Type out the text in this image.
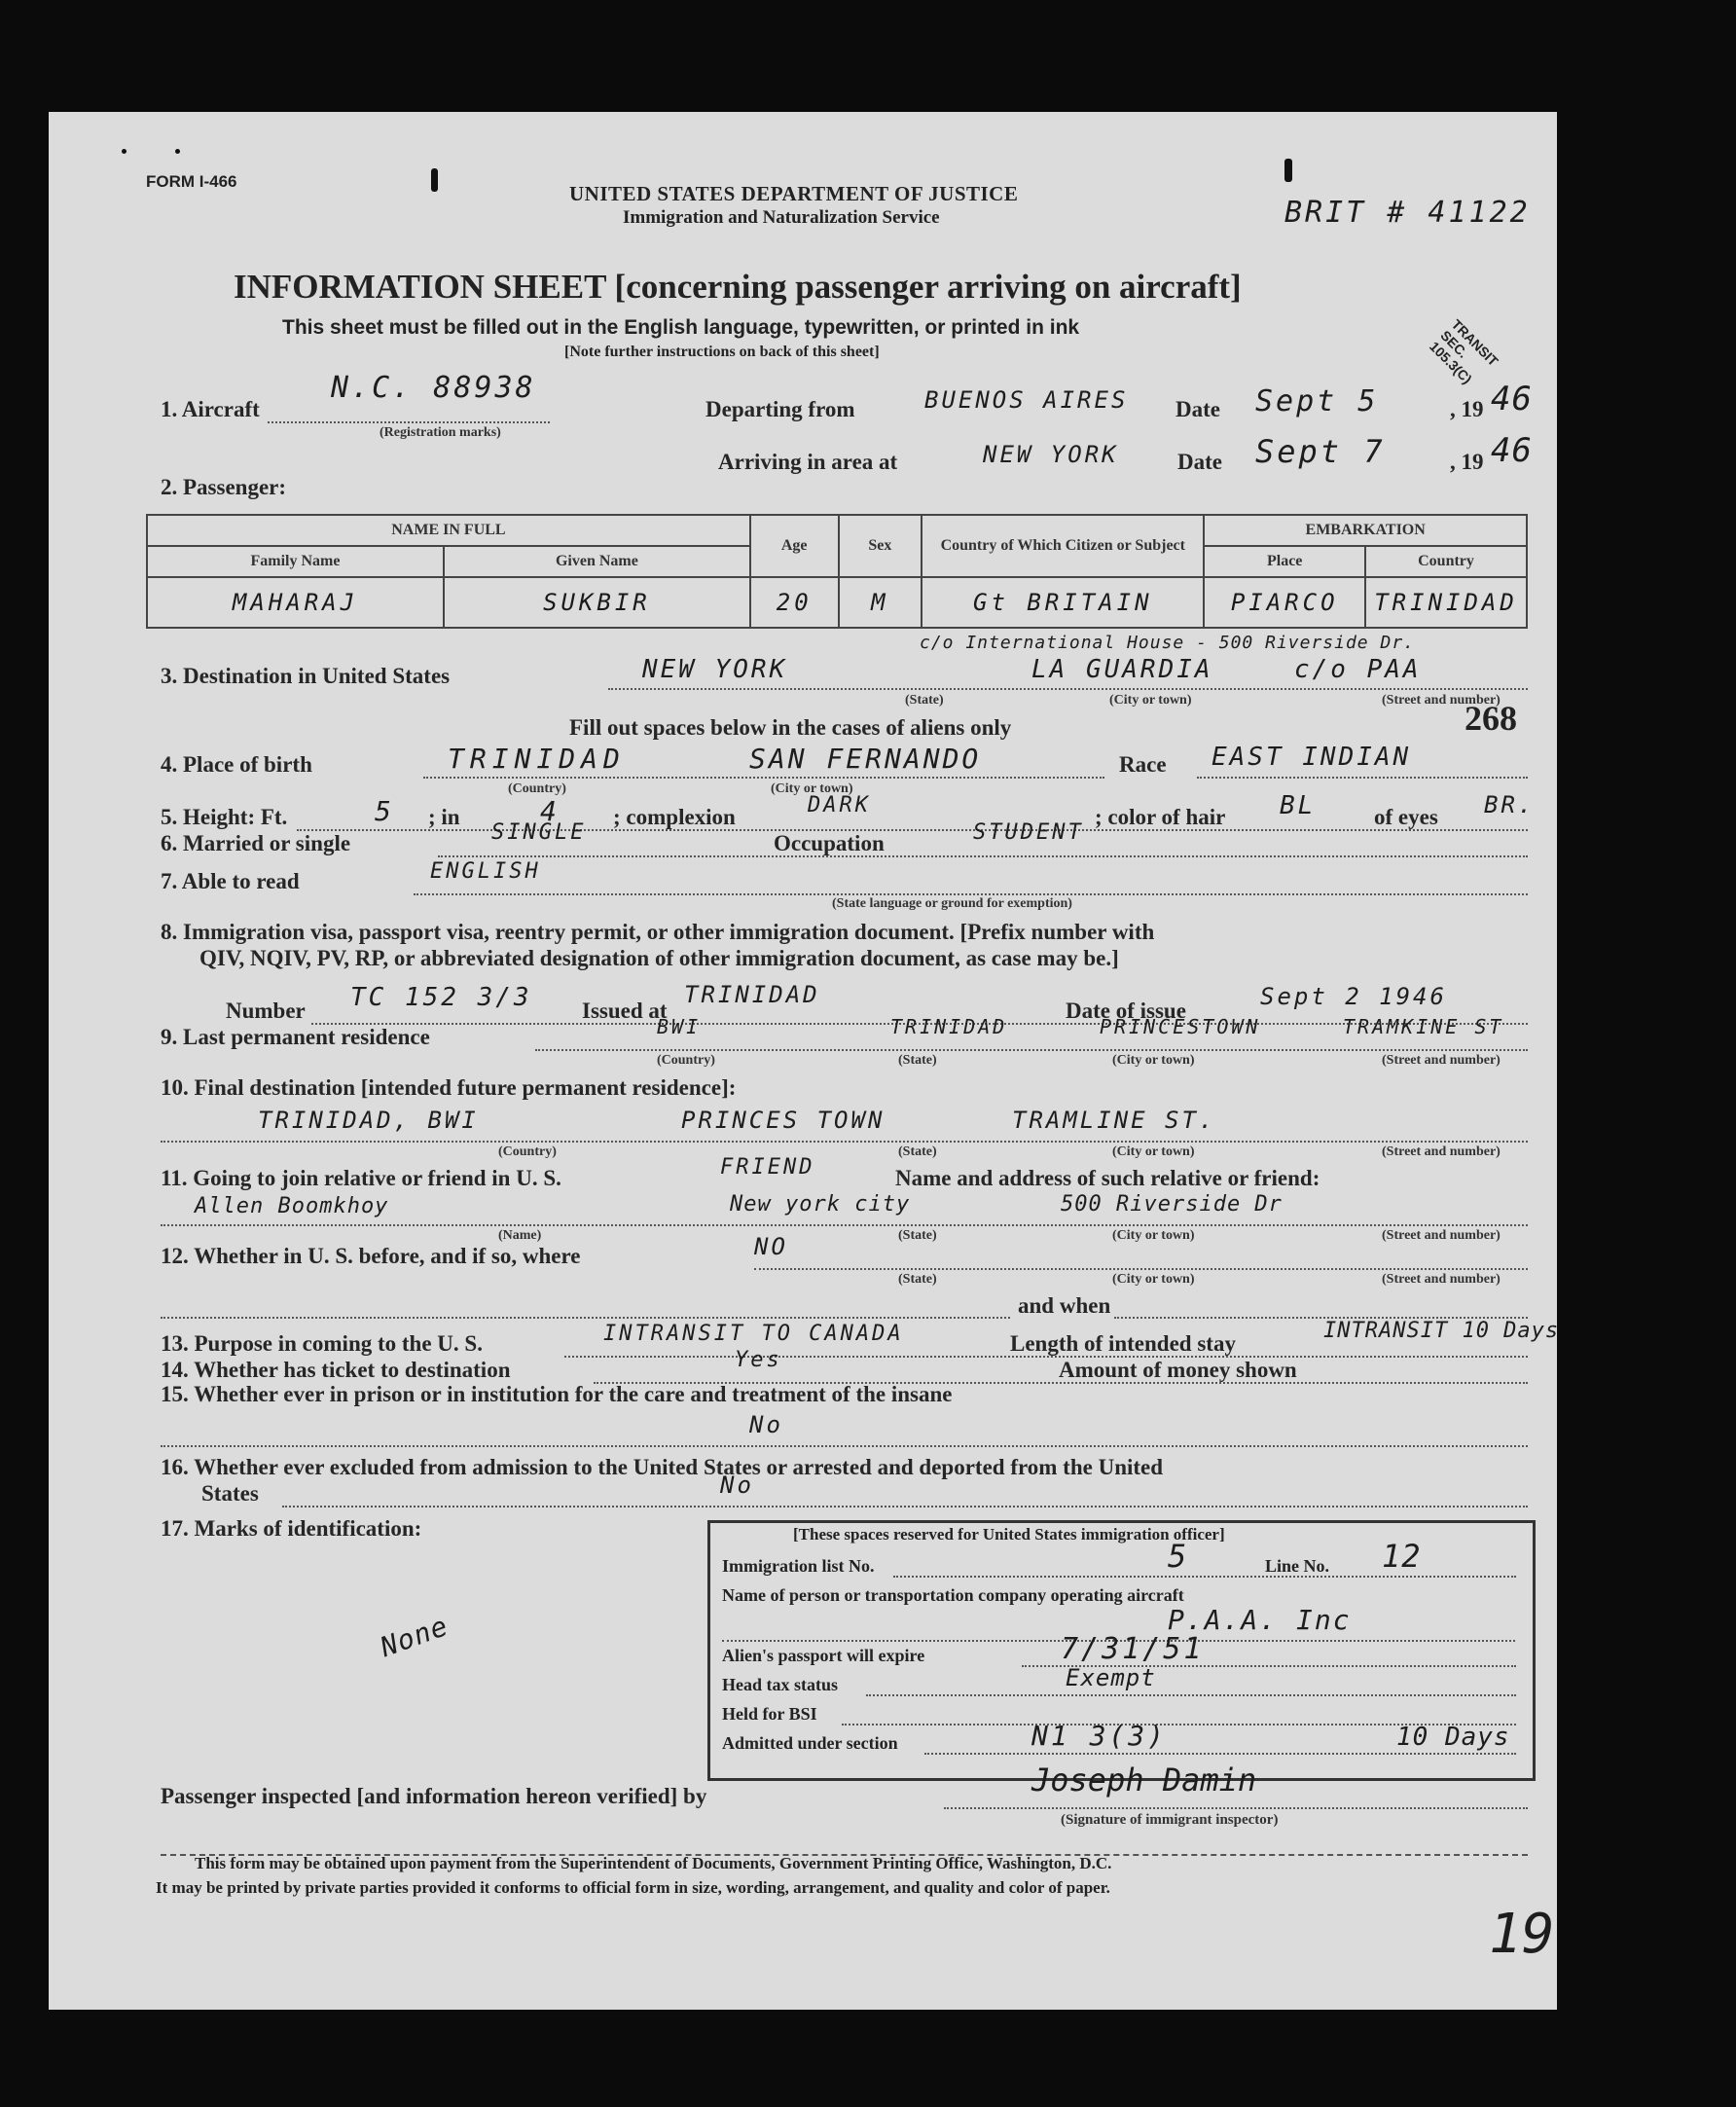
FORM I-466
UNITED STATES DEPARTMENT OF JUSTICE
Immigration and Naturalization Service	BRIT # 41122
TRANSIT SEC. 105.3(C)
INFORMATION SHEET [concerning passenger arriving on aircraft]
This sheet must be filled out in the English language, typewritten, or printed in ink
[Note further instructions on back of this sheet]
1. Aircraft
N.C. 88938
(Registration marks)
Departing from	BUENOS AIRES Date Sept 5	, 19 46
Arriving in area at	NEW YORK	Date Sept 7	, 19 46
2. Passenger:
NAME IN FULL		Age	Sex	Country of Which Citizen or Subject	EMBARKATION	
Family Name	Given Name				Place	Country
MAHARAJ	SUKBIR	20	M	Gt BRITAIN	PIARCO	TRINIDAD
c/o International House - 500 Riverside Dr.
3. Destination in United States	NEW YORK	LA GUARDIA	c/o PAA
(State)	(City or town)	(Street and number)
Fill out spaces below in the cases of aliens only	268
4. Place of birth	TRINIDAD	SAN FERNANDO
(Country)	(City or town)
Race EAST INDIAN
5. Height: Ft.	5 ; in	4 ; complexion	DARK	; color of hair BL	of eyes BR.
6. Married or single	SINGLE	Occupation	STUDENT
7. Able to read	ENGLISH
(State language or ground for exemption)
8. Immigration visa, passport visa, reentry permit, or other immigration document. [Prefix number with
QIV, NQIV, PV, RP, or abbreviated designation of other immigration document, as case may be.]
Number TC 152 3/3 Issued at
TRINIDAD
Date of issue
Sept 2 1946
9. Last permanent residence	BWI	TRINIDAD	PRINCESTOWN	TRAMKINE ST
(Country)	(State)	(City or town)	(Street and number)
10. Final destination [intended future permanent residence]:
TRINIDAD, BWI	PRINCES TOWN	TRAMLINE ST.
(Country)	(State)	(City or town)	(Street and number)
11. Going to join relative or friend in U. S.	FRIEND	Name and address of such relative or friend:
Allen Boomkhoy	New york city	500 Riverside Dr
(Name)	(State)	(City or town)	(Street and number)
12. Whether in U. S. before, and if so, where	NO
(State)	(City or town)	(Street and number)
and when
13. Purpose in coming to the U. S.	INTRANSIT TO CANADA	Length of intended stay
INTRANSIT 10 Days
14. Whether has ticket to destination	Yes	Amount of money shown
15. Whether ever in prison or in institution for the care and treatment of the insane
No
16. Whether ever excluded from admission to the United States or arrested and deported from the United
States	No
17. Marks of identification:
None
[These spaces reserved for United States immigration officer]
Immigration list No.	5	Line No. 12
Name of person or transportation company operating aircraft
P.A.A. Inc
Alien's passport will expire	7/31/51
Head tax status	Exempt
Held for BSI
Admitted under section	N1 3(3)	10 Days
Passenger inspected [and information hereon verified] by	Joseph Damin
(Signature of immigrant inspector)
This form may be obtained upon payment from the Superintendent of Documents, Government Printing Office, Washington, D.C.
It may be printed by private parties provided it conforms to official form in size, wording, arrangement, and quality and color of paper.
19
